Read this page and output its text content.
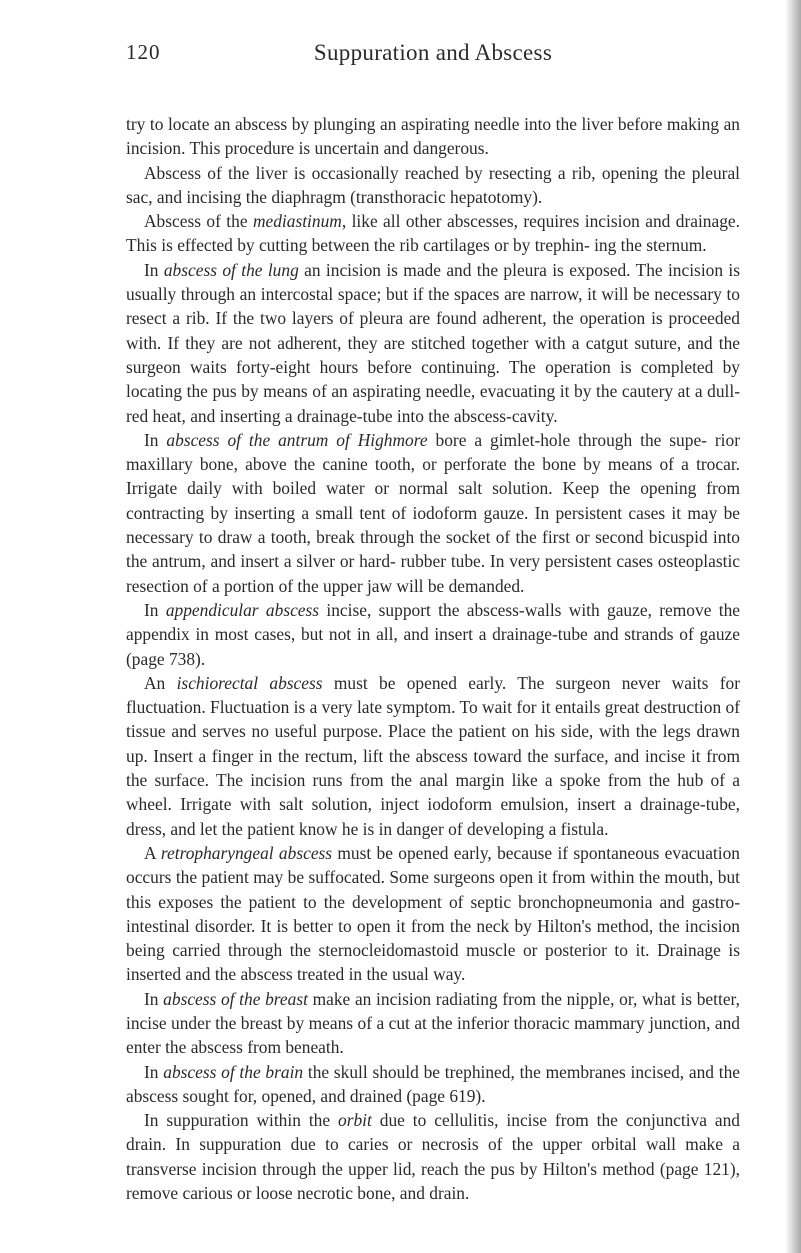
120	Suppuration and Abscess

try to locate an abscess by plunging an aspirating needle into the liver before making an incision. This procedure is uncertain and dangerous.

Abscess of the liver is occasionally reached by resecting a rib, opening the pleural sac, and incising the diaphragm (transthoracic hepatotomy).

Abscess of the mediastinum, like all other abscesses, requires incision and drainage. This is effected by cutting between the rib cartilages or by trephin- ing the sternum.

In abscess of the lung an incision is made and the pleura is exposed. The incision is usually through an intercostal space; but if the spaces are narrow, it will be necessary to resect a rib. If the two layers of pleura are found adherent, the operation is proceeded with. If they are not adherent, they are stitched together with a catgut suture, and the surgeon waits forty-eight hours before continuing. The operation is completed by locating the pus by means of an aspirating needle, evacuating it by the cautery at a dull-red heat, and inserting a drainage-tube into the abscess-cavity.

In abscess of the antrum of Highmore bore a gimlet-hole through the supe- rior maxillary bone, above the canine tooth, or perforate the bone by means of a trocar. Irrigate daily with boiled water or normal salt solution. Keep the opening from contracting by inserting a small tent of iodoform gauze. In persistent cases it may be necessary to draw a tooth, break through the socket of the first or second bicuspid into the antrum, and insert a silver or hard- rubber tube. In very persistent cases osteoplastic resection of a portion of the upper jaw will be demanded.

In appendicular abscess incise, support the abscess-walls with gauze, remove the appendix in most cases, but not in all, and insert a drainage-tube and strands of gauze (page 738).

An ischiorectal abscess must be opened early. The surgeon never waits for fluctuation. Fluctuation is a very late symptom. To wait for it entails great destruction of tissue and serves no useful purpose. Place the patient on his side, with the legs drawn up. Insert a finger in the rectum, lift the abscess toward the surface, and incise it from the surface. The incision runs from the anal margin like a spoke from the hub of a wheel. Irrigate with salt solution, inject iodoform emulsion, insert a drainage-tube, dress, and let the patient know he is in danger of developing a fistula.

A retropharyngeal abscess must be opened early, because if spontaneous evacuation occurs the patient may be suffocated. Some surgeons open it from within the mouth, but this exposes the patient to the development of septic bronchopneumonia and gastro-intestinal disorder. It is better to open it from the neck by Hilton's method, the incision being carried through the sternocleidomastoid muscle or posterior to it. Drainage is inserted and the abscess treated in the usual way.

In abscess of the breast make an incision radiating from the nipple, or, what is better, incise under the breast by means of a cut at the inferior thoracic mammary junction, and enter the abscess from beneath.

In abscess of the brain the skull should be trephined, the membranes incised, and the abscess sought for, opened, and drained (page 619).

In suppuration within the orbit due to cellulitis, incise from the conjunctiva and drain. In suppuration due to caries or necrosis of the upper orbital wall make a transverse incision through the upper lid, reach the pus by Hilton's method (page 121), remove carious or loose necrotic bone, and drain.
